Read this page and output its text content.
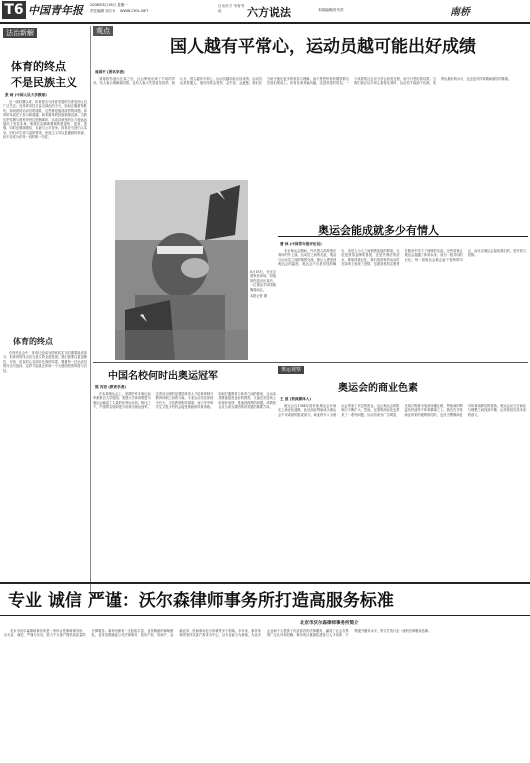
T6 中国青年报 2008年8月18日 星期一
责任编辑 刘万永 WWW.CYOL.NET
日出东方 爷有爷说	六方说法	本版编辑/传冬洪	南桥
法治新解
体育的终点
不是民族主义
张 柯 (中国人民大学教师)

近一段时期以来，体育观念与体育发展的关系受到人们广泛关注。在体育竞技日益全球化的今天，如何正确看待胜负，如何看待运动员的成败，这些都是值得深思的问题。体育的本质在于参与和超越，而非简单的民族情绪宣泄。当我们把奖牌与国家荣誉过度捆绑时，运动员承受的压力便远远超出了竞技本身。奥林匹克精神强调的是更快、更高、更强，同时也强调团结、友谊与公平竞争。体育应当回归人本身，回归对生命力量的赞美。民族主义可以是激励的来源，但不应成为评判一切的唯一尺度。

体育的终点

在现代社会中，体育已经成为国家软实力的重要组成部分，但体育的终点应当是人的全面发展。我们需要以更加理性、开放、包容的心态面对比赛的结果，尊重每一位运动员的付出与选择，这样才能真正体现一个大国国民的风度与自信。

观点
国人越有平常心，运动员越可能出好成绩
周国平 (著名学者)

刘翔因伤退出比赛之后，社会舆论出现了不同的声音。有人表示理解和同情，也有人表示失望甚至指责。我认为，国人越有平常心，运动员越可能出好成绩。运动员也是普通人，他们同样会受伤、会失误、会疲惫。我们应当给予他们更多的宽容与理解，而不是把所有的期望都压在他们的肩上。体育比赛有输有赢，这是竞技的常态。一个成熟的社会应当学会欣赏过程，而不只是盯着结果。当我们真正以平常心看待比赛时，运动员才能卸下包袱，发挥出最好的水平，这也是对体育精神最好的尊重。

8月18日，在北京国家体育场，刘翔因伤退出比赛后，一位观众手持国旗掩面而泣。
本报记者 摄
奥运会能成就多少有情人
曹 林 (中国青年报评论员)

北京奥运会期间，许多感人的故事在赛场内外上演。运动员之间的友谊，观众与运动员之间的情感交流，都让人感受到奥运会的温度。奥运会不仅是竞技的舞台，也是人与人之间情感连接的桥梁。无论是获得金牌的喜悦，还是失利后的泪水，都值得被记住。我们看到有的运动员在赛场上收获了爱情，也看到有的志愿者在服务中结下了深厚的友谊。这些故事让奥运会超越了体育本身，成为一段共同的记忆。每一届奥运会都会留下独特的印记，而北京奥运会留给我们的，是开放与热情。

中国名校何时出奥运冠军
熊 丙奇 (教育学者)

在本届奥运会上，美国的许多奥运冠军都来自大学校园。美国大学体育联盟为奥运会输送了大量的优秀运动员。相比之下，中国的名校却很少培养出奥运冠军。这背后反映的是我国体育人才培养体制与教育体制之间的分离。专业运动员在体校中长大，文化教育相对薄弱；而大学中的学生又很少有机会接受系统的体育训练。如何打通教育与体育之间的壁垒，让运动员既能接受良好的教育，又能在竞技场上取得好成绩，是值得深思的问题。体教结合应当成为我国体育发展的重要方向。

奥运观察
奥运会的商业色素
王 波 (资深媒体人)

奥运会自1984年洛杉矶奥运会开始走上商业化道路，此后商业赞助成为奥运会不可或缺的组成部分。商业的介入为奥运会带来了充足的资金，也让奥运会的影响力不断扩大。然而，过度的商业化也带来了一系列问题。运动员成为广告明星，比赛日程要为电视转播让路，赞助商的利益有时凌驾于体育精神之上。我们在享受商业带来的便利的同时，也应当警惕商业对体育纯粹性的侵蚀。奥运会应当在商业与理想之间找到平衡，让体育回归其本来的意义。

专业 诚信 严谨：沃尔森律师事务所打造高服务标准
北京市沃尔森律师事务所简介

北京市沃尔森律师事务所是一家综合性律师事务所，以专业、诚信、严谨为宗旨，致力于为客户提供高质量的法律服务。事务所拥有一支经验丰富、业务精湛的律师团队，业务范围涵盖公司法律事务、知识产权、房地产、金融证券、民商事诉讼与仲裁等多个领域。多年来，事务所始终坚持以客户需求为中心，以专业能力为基础，为众多企业和个人提供了优质高效的法律服务，赢得了社会各界的广泛认可和信赖。事务所注重团队建设与人才培养，不断提升服务水平，努力打造行业一流的法律服务品牌。
